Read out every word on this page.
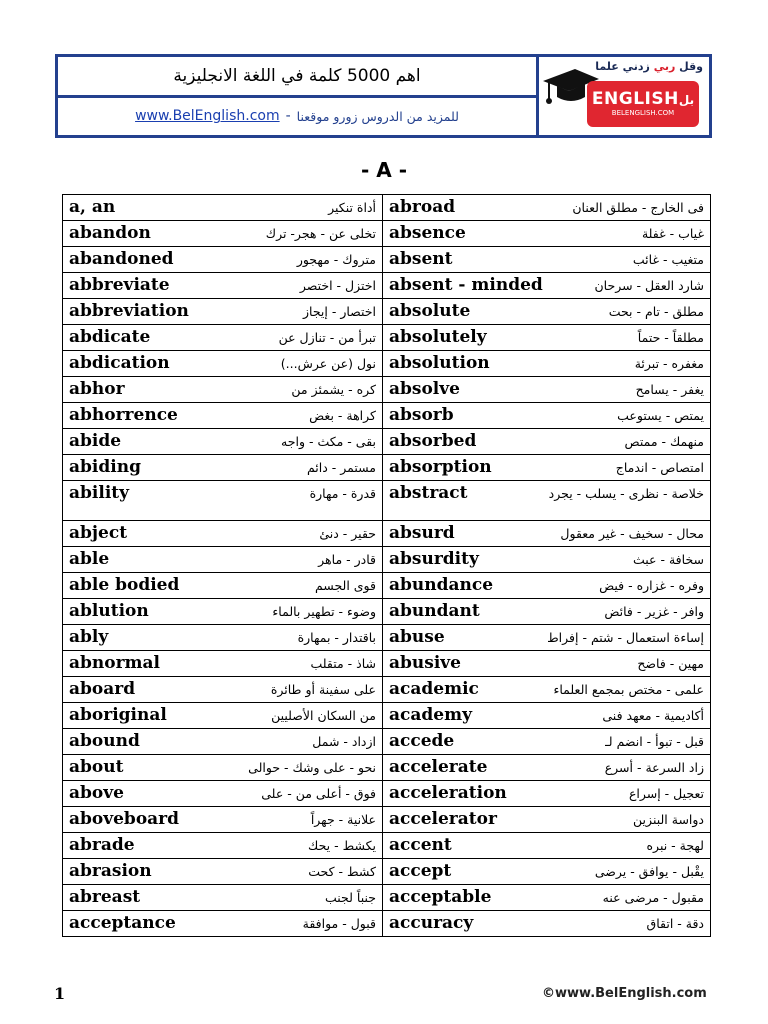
اهم 5000 كلمة في اللغة الانجليزية
www.BelEnglish.com - للمزيد من الدروس زورو موقعنا
وقل ربي زدني علما
ENGLISHبل
BELENGLISH.COM
- A -
a, an أداة تنكير	abroad فى الخارج - مطلق العنان

abandon تخلى عن - هجر- ترك	absence غياب - غفلة

abandoned متروك - مهجور	absent متغيب - غائب

abbreviate اختزل - اختصر	absent - minded شارد العقل - سرحان

abbreviation اختصار - إيجاز	absolute مطلق - تام - بحت

abdicate تبرأ من - تنازل عن	absolutely مطلقاً - حتماً

abdication نول (عن عرش...)	absolution مغفره - تبرئة

abhor كره - يشمئز من	absolve يغفر - يسامح

abhorrence كراهة - بغض	absorb يمتص - يستوعب

abide بقى - مكث - واجه	absorbed منهمك - ممتص

abiding مستمر - دائم	absorption امتصاص - اندماج

ability قدرة - مهارة	abstract خلاصة - نظرى - يسلب - يجرد

abject حقير - دنئ	absurd محال - سخيف - غير معقول

able قادر - ماهر	absurdity سخافة - عبث

able bodied قوى الجسم	abundance وفره - غزاره - فيض

ablution وضوء - تطهير بالماء	abundant وافر - غزير - فائض

ably باقتدار - بمهارة	abuse إساءة استعمال - شتم - إفراط

abnormal شاذ - متقلب	abusive مهين - فاضح

aboard على سفينة أو طائرة	academic علمى - مختص بمجمع العلماء

aboriginal من السكان الأصليين	academy أكاديمية - معهد فنى

abound ازداد - شمل	accede قبل - تبوأ - انضم لـ

about نحو - على وشك - حوالى	accelerate زاد السرعة - أسرع

above فوق - أعلى من - على	acceleration تعجيل - إسراع

aboveboard علانية - جهراً	accelerator دواسة البنزين

abrade يكشط - يحك	accent لهجة - نبره

abrasion كشط - كحت	accept يقْبل - يوافق - يرضى

abreast جنباً لجنب	acceptable مقبول - مرضى عنه

acceptance قبول - موافقة	accuracy دقة - اتقاق
1	©www.BelEnglish.com
